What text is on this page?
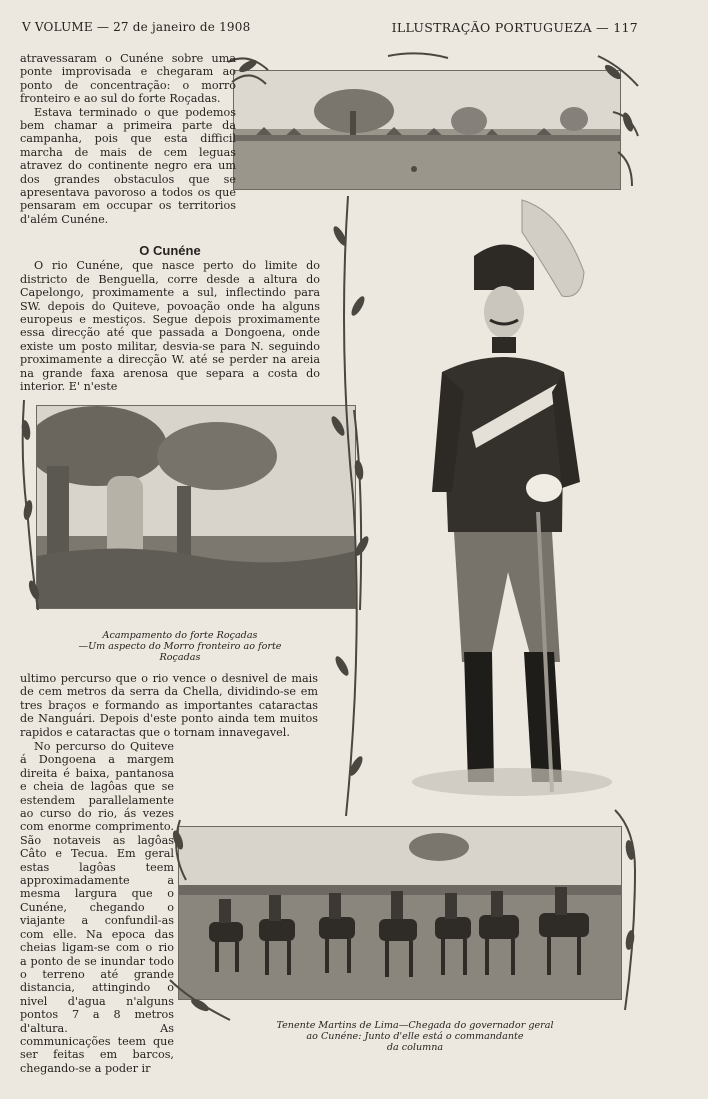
V VOLUME — 27 de janeiro de 1908	ILLUSTRAÇÃO PORTUGUEZA — 117

atravessaram o Cunéne sobre uma ponte improvisada e chegaram ao ponto de concentração: o morro fronteiro e ao sul do forte Roçadas.

Estava terminado o que podemos bem chamar a primeira parte da campanha, pois que esta difficil marcha de mais de cem leguas atravez do continente negro era um dos grandes obstaculos que se apresentava pavoroso a todos os que pensaram em occupar os territorios d'além Cunéne.

O Cunéne

O rio Cunéne, que nasce perto do limite do districto de Benguella, corre desde a altura do Capelongo, proximamente a sul, inflectindo para SW. depois do Quiteve, povoação onde ha alguns europeus e mestiços. Segue depois proximamente essa direcção até que passada a Dongoena, onde existe um posto militar, desvia-se para N. seguindo proximamente a direcção W. até se perder na areia na grande faxa arenosa que separa a costa do interior. E' n'este

Acampamento do forte Roçadas
—Um aspecto do Morro fronteiro ao forte Roçadas

ultimo percurso que o rio vence o desnivel de mais de cem metros da serra da Chella, dividindo-se em tres braços e formando as importantes cataractas de Nanguári. Depois d'este ponto ainda tem muitos rapidos e cataractas que o tornam innavegavel.

No percurso do Quiteve á Dongoena a margem direita é baixa, pantanosa e cheia de lagôas que se estendem parallelamente ao curso do rio, ás vezes com enorme comprimento. São notaveis as lagôas Câto e Tecua. Em geral estas lagôas teem approximadamente a mesma largura que o Cunéne, chegando o viajante a confundil-as com elle. Na epoca das cheias ligam-se com o rio a ponto de se inundar todo o terreno até grande distancia, attingindo o nivel d'agua n'alguns pontos 7 a 8 metros d'altura. As communicações teem que ser feitas em barcos, chegando-se a poder ir

Tenente Martins de Lima—Chegada do governador geral
ao Cunéne: Junto d'elle está o commandante
da columna
